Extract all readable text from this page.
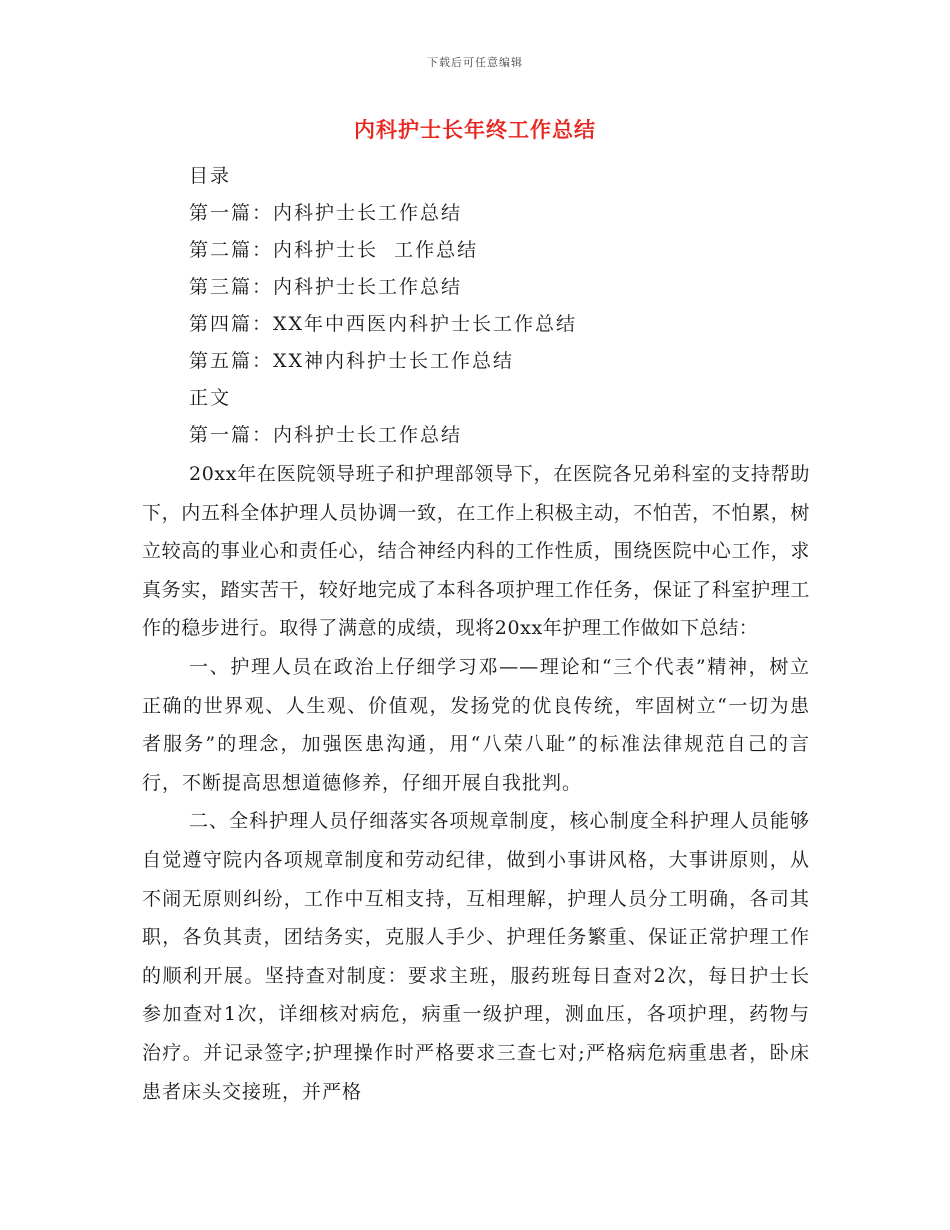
下载后可任意编辑
内科护士长年终工作总结
目录
第一篇：内科护士长工作总结
第二篇：内科护士长  工作总结
第三篇：内科护士长工作总结
第四篇：XX年中西医内科护士长工作总结
第五篇：XX神内科护士长工作总结
正文
第一篇：内科护士长工作总结

20xx年在医院领导班子和护理部领导下，在医院各兄弟科室的支持帮助下，内五科全体护理人员协调一致，在工作上积极主动，不怕苦，不怕累，树立较高的事业心和责任心，结合神经内科的工作性质，围绕医院中心工作，求真务实，踏实苦干，较好地完成了本科各项护理工作任务，保证了科室护理工作的稳步进行。取得了满意的成绩，现将20xx年护理工作做如下总结：

一、护理人员在政治上仔细学习邓——理论和“三个代表”精神，树立正确的世界观、人生观、价值观，发扬党的优良传统，牢固树立“一切为患者服务”的理念，加强医患沟通，用“八荣八耻”的标准法律规范自己的言行，不断提高思想道德修养，仔细开展自我批判。

二、全科护理人员仔细落实各项规章制度，核心制度全科护理人员能够自觉遵守院内各项规章制度和劳动纪律，做到小事讲风格，大事讲原则，从不闹无原则纠纷，工作中互相支持，互相理解，护理人员分工明确，各司其职，各负其责，团结务实，克服人手少、护理任务繁重、保证正常护理工作的顺利开展。坚持查对制度：要求主班，服药班每日查对2次，每日护士长参加查对1次，详细核对病危，病重一级护理，测血压，各项护理，药物与治疗。并记录签字;护理操作时严格要求三查七对;严格病危病重患者，卧床患者床头交接班，并严格
